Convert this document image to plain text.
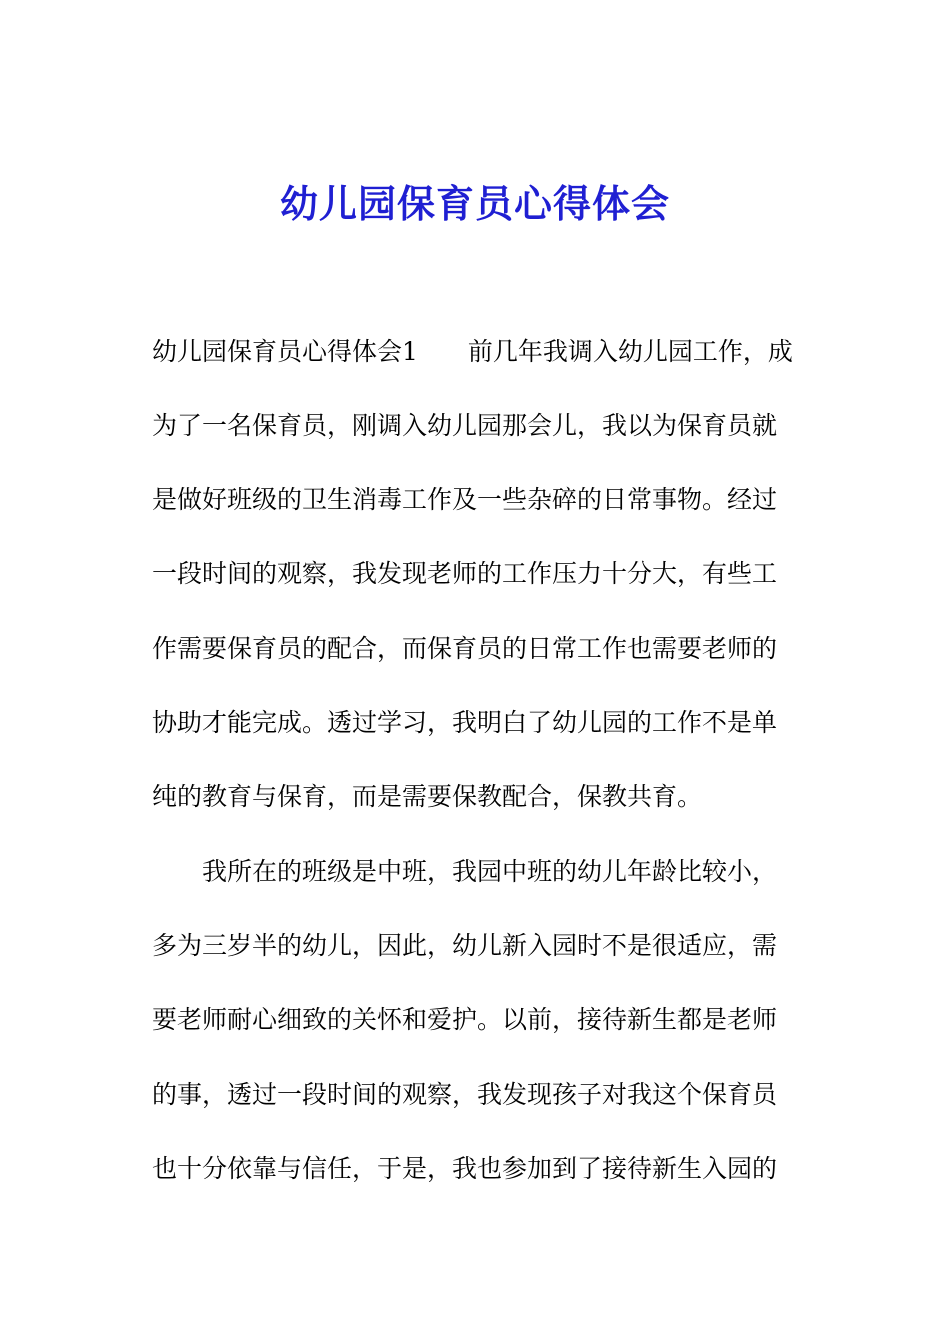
幼儿园保育员心得体会

幼儿园保育员心得体会1　　前几年我调入幼儿园工作，成

为了一名保育员，刚调入幼儿园那会儿，我以为保育员就

是做好班级的卫生消毒工作及一些杂碎的日常事物。经过

一段时间的观察，我发现老师的工作压力十分大，有些工

作需要保育员的配合，而保育员的日常工作也需要老师的

协助才能完成。透过学习，我明白了幼儿园的工作不是单

纯的教育与保育，而是需要保教配合，保教共育。

　　我所在的班级是中班，我园中班的幼儿年龄比较小，

多为三岁半的幼儿，因此，幼儿新入园时不是很适应，需

要老师耐心细致的关怀和爱护。以前，接待新生都是老师

的事，透过一段时间的观察，我发现孩子对我这个保育员

也十分依靠与信任，于是，我也参加到了接待新生入园的
